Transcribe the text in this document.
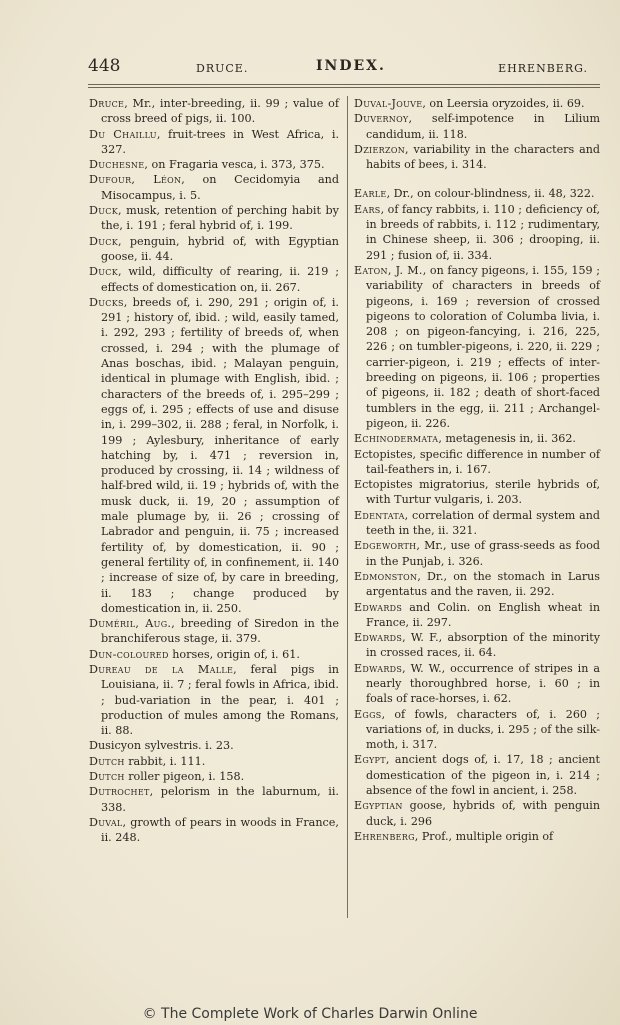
448	DRUCE.	INDEX.	EHRENBERG.

Druce, Mr., inter-breeding, ii. 99 ; value of cross breed of pigs, ii. 100.

Du Chaillu, fruit-trees in West Africa, i. 327.

Duchesne, on Fragaria vesca, i. 373, 375.

Dufour, Léon, on Cecidomyia and Misocampus, i. 5.

Duck, musk, retention of perching habit by the, i. 191 ; feral hybrid of, i. 199.

Duck, penguin, hybrid of, with Egyptian goose, ii. 44.

Duck, wild, difficulty of rearing, ii. 219 ; effects of domestication on, ii. 267.

Ducks, breeds of, i. 290, 291 ; origin of, i. 291 ; history of, ibid. ; wild, easily tamed, i. 292, 293 ; fertility of breeds of, when crossed, i. 294 ; with the plumage of Anas boschas, ibid. ; Malayan penguin, identical in plumage with English, ibid. ; characters of the breeds of, i. 295–299 ; eggs of, i. 295 ; effects of use and disuse in, i. 299–302, ii. 288 ; feral, in Norfolk, i. 199 ; Aylesbury, inheritance of early hatching by, i. 471 ; reversion in, produced by crossing, ii. 14 ; wildness of half-bred wild, ii. 19 ; hybrids of, with the musk duck, ii. 19, 20 ; assumption of male plumage by, ii. 26 ; crossing of Labrador and penguin, ii. 75 ; increased fertility of, by domestication, ii. 90 ; general fertility of, in confinement, ii. 140 ; increase of size of, by care in breeding, ii. 183 ; change produced by domestication in, ii. 250.

Duméril, Aug., breeding of Siredon in the branchiferous stage, ii. 379.

Dun-coloured horses, origin of, i. 61.

Dureau de la Malle, feral pigs in Louisiana, ii. 7 ; feral fowls in Africa, ibid. ; bud-variation in the pear, i. 401 ; production of mules among the Romans, ii. 88.

Dusicyon sylvestris. i. 23.

Dutch rabbit, i. 111.

Dutch roller pigeon, i. 158.

Dutrochet, pelorism in the laburnum, ii. 338.

Duval, growth of pears in woods in France, ii. 248.

Duval-Jouve, on Leersia oryzoides, ii. 69.

Duvernoy, self-impotence in Lilium candidum, ii. 118.

Dzierzon, variability in the characters and habits of bees, i. 314.

Earle, Dr., on colour-blindness, ii. 48, 322.

Ears, of fancy rabbits, i. 110 ; deficiency of, in breeds of rabbits, i. 112 ; rudimentary, in Chinese sheep, ii. 306 ; drooping, ii. 291 ; fusion of, ii. 334.

Eaton, J. M., on fancy pigeons, i. 155, 159 ; variability of characters in breeds of pigeons, i. 169 ; reversion of crossed pigeons to coloration of Columba livia, i. 208 ; on pigeon-fancying, i. 216, 225, 226 ; on tumbler-pigeons, i. 220, ii. 229 ; carrier-pigeon, i. 219 ; effects of inter-breeding on pigeons, ii. 106 ; properties of pigeons, ii. 182 ; death of short-faced tumblers in the egg, ii. 211 ; Archangel-pigeon, ii. 226.

Echinodermata, metagenesis in, ii. 362.

Ectopistes, specific difference in number of tail-feathers in, i. 167.

Ectopistes migratorius, sterile hybrids of, with Turtur vulgaris, i. 203.

Edentata, correlation of dermal system and teeth in the, ii. 321.

Edgeworth, Mr., use of grass-seeds as food in the Punjab, i. 326.

Edmonston, Dr., on the stomach in Larus argentatus and the raven, ii. 292.

Edwards and Colin. on English wheat in France, ii. 297.

Edwards, W. F., absorption of the minority in crossed races, ii. 64.

Edwards, W. W., occurrence of stripes in a nearly thoroughbred horse, i. 60 ; in foals of race-horses, i. 62.

Eggs, of fowls, characters of, i. 260 ; variations of, in ducks, i. 295 ; of the silk-moth, i. 317.

Egypt, ancient dogs of, i. 17, 18 ; ancient domestication of the pigeon in, i. 214 ; absence of the fowl in ancient, i. 258.

Egyptian goose, hybrids of, with penguin duck, i. 296

Ehrenberg, Prof., multiple origin of

© The Complete Work of Charles Darwin Online
